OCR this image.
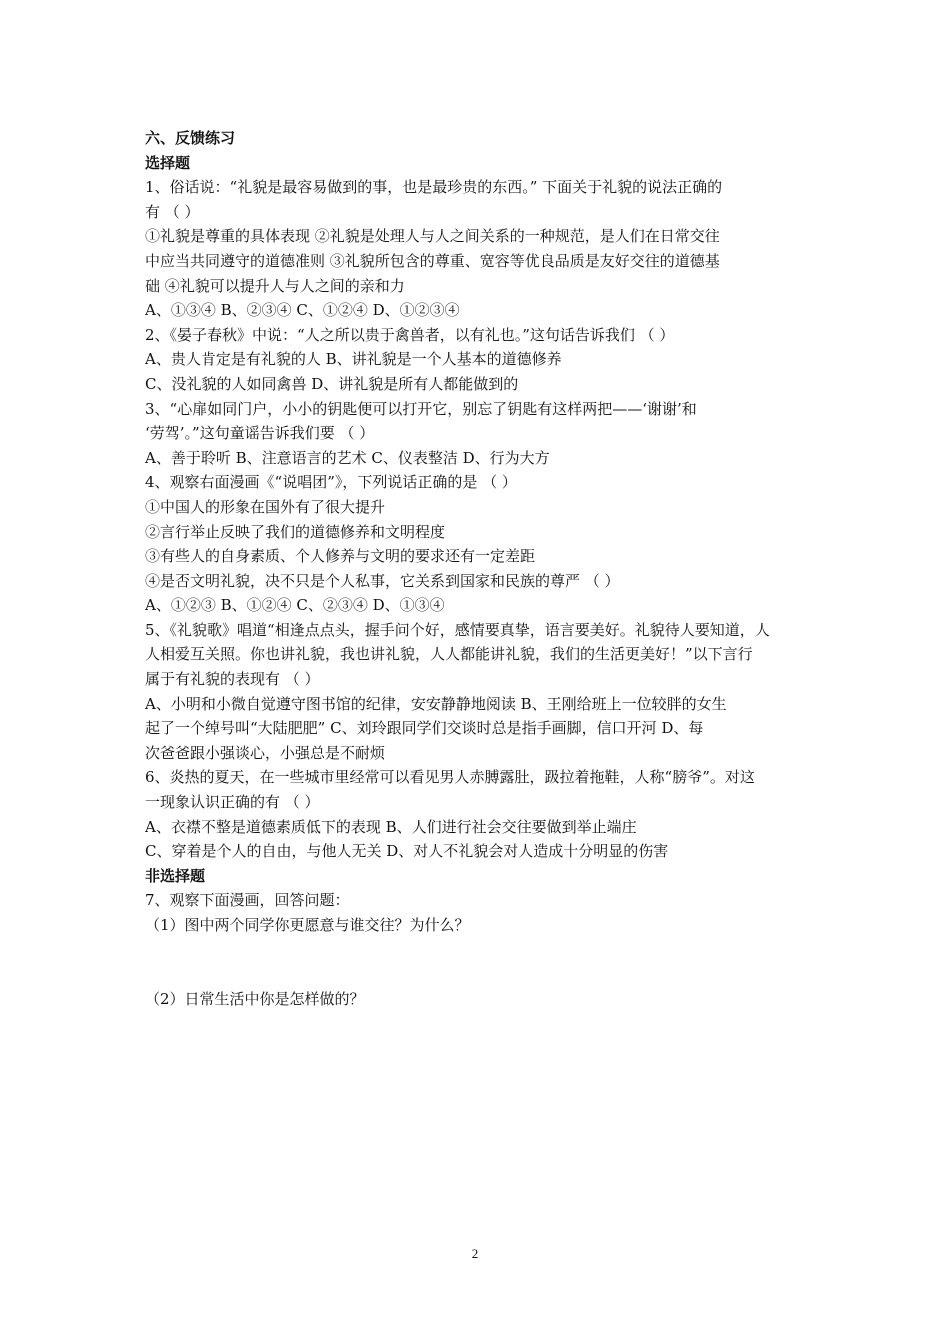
六、反馈练习
选择题
1、俗话说：“礼貌是最容易做到的事，也是最珍贵的东西。” 下面关于礼貌的说法正确的
有 （ ）
①礼貌是尊重的具体表现 ②礼貌是处理人与人之间关系的一种规范，是人们在日常交往
中应当共同遵守的道德准则 ③礼貌所包含的尊重、宽容等优良品质是友好交往的道德基
础 ④礼貌可以提升人与人之间的亲和力
A、①③④ B、②③④ C、①②④ D、①②③④
2、《晏子春秋》中说：“人之所以贵于禽兽者，以有礼也。”这句话告诉我们 （ ）
A、贵人肯定是有礼貌的人 B、讲礼貌是一个人基本的道德修养
C、没礼貌的人如同禽兽 D、讲礼貌是所有人都能做到的
3、“心扉如同门户，小小的钥匙便可以打开它，别忘了钥匙有这样两把——‘谢谢’和
‘劳驾’。”这句童谣告诉我们要 （ ）
A、善于聆听 B、注意语言的艺术 C、仪表整洁 D、行为大方
4、观察右面漫画《“说唱团”》，下列说话正确的是 （ ）
①中国人的形象在国外有了很大提升
②言行举止反映了我们的道德修养和文明程度
③有些人的自身素质、个人修养与文明的要求还有一定差距
④是否文明礼貌，决不只是个人私事，它关系到国家和民族的尊严 （ ）
A、①②③ B、①②④ C、②③④ D、①③④
5、《礼貌歌》唱道“相逢点点头，握手问个好，感情要真挚，语言要美好。礼貌待人要知道，人
人相爱互关照。你也讲礼貌，我也讲礼貌，人人都能讲礼貌，我们的生活更美好！”以下言行
属于有礼貌的表现有 （ ）
A、小明和小微自觉遵守图书馆的纪律，安安静静地阅读 B、王刚给班上一位较胖的女生
起了一个绰号叫“大陆肥肥” C、刘玲跟同学们交谈时总是指手画脚，信口开河 D、每
次爸爸跟小强谈心，小强总是不耐烦
6、炎热的夏天，在一些城市里经常可以看见男人赤膊露肚，趿拉着拖鞋，人称“膀爷”。对这
一现象认识正确的有 （ ）
A、衣襟不整是道德素质低下的表现 B、人们进行社会交往要做到举止端庄
C、穿着是个人的自由，与他人无关 D、对人不礼貌会对人造成十分明显的伤害
非选择题
7、观察下面漫画，回答问题：
（1）图中两个同学你更愿意与谁交往？为什么？
（2）日常生活中你是怎样做的？
2
